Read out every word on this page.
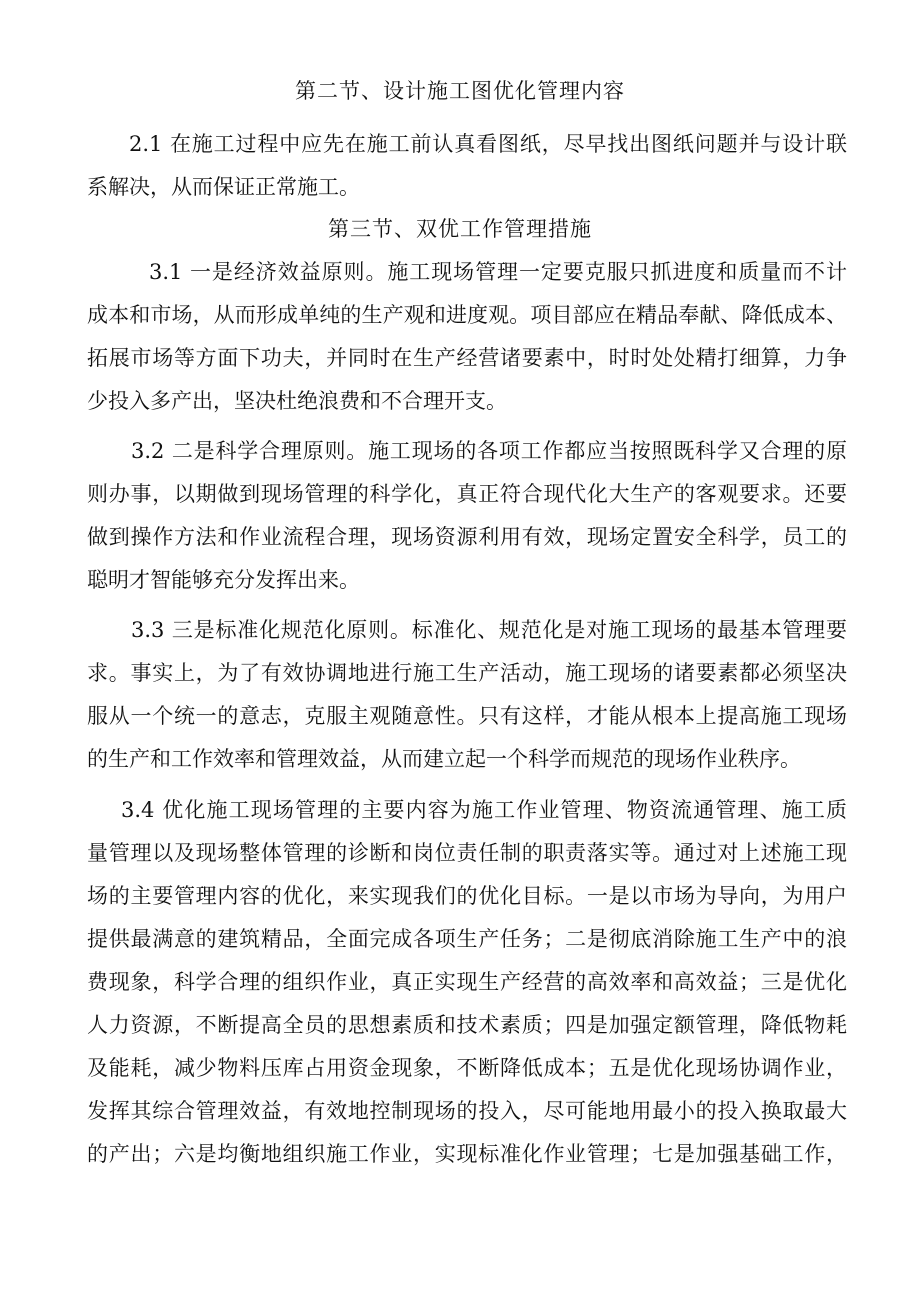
第二节、设计施工图优化管理内容
2.1 在施工过程中应先在施工前认真看图纸，尽早找出图纸问题并与设计联
系解决，从而保证正常施工。
第三节、双优工作管理措施
3.1 一是经济效益原则。施工现场管理一定要克服只抓进度和质量而不计
成本和市场，从而形成单纯的生产观和进度观。项目部应在精品奉献、降低成本、
拓展市场等方面下功夫，并同时在生产经营诸要素中，时时处处精打细算，力争
少投入多产出，坚决杜绝浪费和不合理开支。
3.2 二是科学合理原则。施工现场的各项工作都应当按照既科学又合理的原
则办事，以期做到现场管理的科学化，真正符合现代化大生产的客观要求。还要
做到操作方法和作业流程合理，现场资源利用有效，现场定置安全科学，员工的
聪明才智能够充分发挥出来。
3.3 三是标准化规范化原则。标准化、规范化是对施工现场的最基本管理要
求。事实上，为了有效协调地进行施工生产活动，施工现场的诸要素都必须坚决
服从一个统一的意志，克服主观随意性。只有这样，才能从根本上提高施工现场
的生产和工作效率和管理效益，从而建立起一个科学而规范的现场作业秩序。
3.4 优化施工现场管理的主要内容为施工作业管理、物资流通管理、施工质
量管理以及现场整体管理的诊断和岗位责任制的职责落实等。通过对上述施工现
场的主要管理内容的优化，来实现我们的优化目标。一是以市场为导向，为用户
提供最满意的建筑精品，全面完成各项生产任务；二是彻底消除施工生产中的浪
费现象，科学合理的组织作业，真正实现生产经营的高效率和高效益；三是优化
人力资源，不断提高全员的思想素质和技术素质；四是加强定额管理，降低物耗
及能耗，减少物料压库占用资金现象，不断降低成本；五是优化现场协调作业，
发挥其综合管理效益，有效地控制现场的投入，尽可能地用最小的投入换取最大
的产出；六是均衡地组织施工作业，实现标准化作业管理；七是加强基础工作，
